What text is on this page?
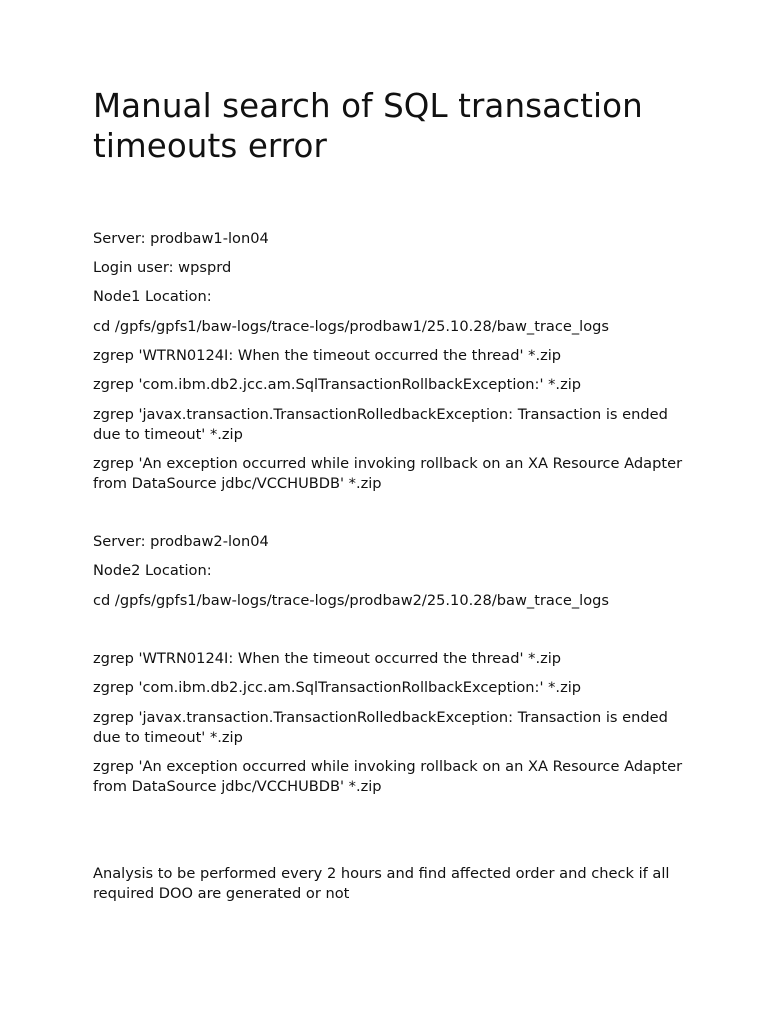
Manual search of SQL transaction timeouts error

Server: prodbaw1-lon04

Login user: wpsprd

Node1 Location:

cd /gpfs/gpfs1/baw-logs/trace-logs/prodbaw1/25.10.28/baw_trace_logs

zgrep 'WTRN0124I: When the timeout occurred the thread' *.zip

zgrep 'com.ibm.db2.jcc.am.SqlTransactionRollbackException:' *.zip

zgrep 'javax.transaction.TransactionRolledbackException: Transaction is ended due to timeout' *.zip

zgrep 'An exception occurred while invoking rollback on an XA Resource Adapter from DataSource jdbc/VCCHUBDB' *.zip

Server: prodbaw2-lon04

Node2 Location:

cd /gpfs/gpfs1/baw-logs/trace-logs/prodbaw2/25.10.28/baw_trace_logs

zgrep 'WTRN0124I: When the timeout occurred the thread' *.zip

zgrep 'com.ibm.db2.jcc.am.SqlTransactionRollbackException:' *.zip

zgrep 'javax.transaction.TransactionRolledbackException: Transaction is ended due to timeout' *.zip

zgrep 'An exception occurred while invoking rollback on an XA Resource Adapter from DataSource jdbc/VCCHUBDB' *.zip

Analysis to be performed every 2 hours and find affected order and check if all required DOO are generated or not
